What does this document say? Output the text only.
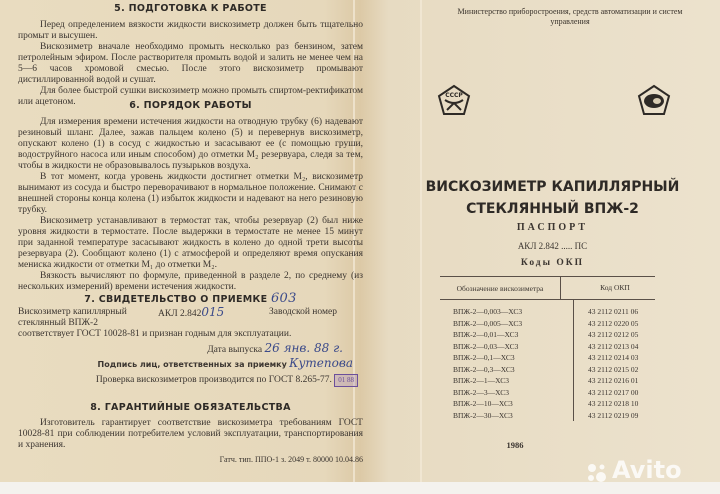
5. ПОДГОТОВКА К РАБОТЕ

Перед определением вязкости жидкости вискозиметр должен быть тщательно промыт и высушен.

Вискозиметр вначале необходимо промыть несколько раз бензином, затем петролейным эфиром. После растворителя промыть водой и залить не менее чем на 5—6 часов хромовой смесью. После этого вискозиметр промывают дистиллированной водой и сушат.

Для более быстрой сушки вискозиметр можно промыть спиртом-ректификатом или ацетоном.	6. ПОРЯДОК РАБОТЫ

Для измерения времени истечения жидкости на отводную трубку (6) надевают резиновый шланг. Далее, зажав пальцем колено (5) и перевернув вискозиметр, опускают колено (1) в сосуд с жидкостью и засасывают ее (с помощью груши, водоструйного насоса или иным способом) до отметки M₂ резервуара, следя за тем, чтобы в жидкости не образовывалось пузырьков воздуха.

В тот момент, когда уровень жидкости достигнет отметки M₂, вискозиметр вынимают из сосуда и быстро переворачивают в нормальное положение. Снимают с внешней стороны конца колена (1) избыток жидкости и надевают на него резиновую трубку.

Вискозиметр устанавливают в термостат так, чтобы резервуар (2) был ниже уровня жидкости в термостате. После выдержки в термостате не менее 15 минут при заданной температуре засасывают жидкость в колено до одной трети высоты резервуара (2). Сообщают колено (1) с атмосферой и определяют время опускания мениска жидкости от отметки M₁ до отметки M₂.

Вязкость вычисляют по формуле, приведенной в разделе 2, по среднему (из нескольких измерений) времени истечения жидкости.

7. СВИДЕТЕЛЬСТВО О ПРИЕМКЕ 603
Вискозиметр капиллярный стеклянный ВПЖ-2
АКЛ 2.842015	Заводской номер
соответствует ГОСТ 10028-81 и признан годным для эксплуатации.
Дата выпуска 26 янв. 88 г.
Подпись лиц, ответственных за приемку Кутепова
Проверка вискозиметров производится по ГОСТ 8.265-77. 01 88
8. ГАРАНТИЙНЫЕ ОБЯЗАТЕЛЬСТВА

Изготовитель гарантирует соответствие вискозиметра требованиям ГОСТ 10028-81 при соблюдении потребителем условий эксплуатации, транспортирования и хранения.

Гатч. тип. ППО-1 з. 2049 т. 80000 10.04.86
Министерство приборостроения, средств автоматизации и систем управления
СССР
ВИСКОЗИМЕТР КАПИЛЛЯРНЫЙ
СТЕКЛЯННЫЙ ВПЖ-2
ПАСПОРТ
АКЛ 2.842 ..... ПС
Коды ОКП
Обозначение вискозиметра	Код ОКП
ВПЖ-2—0,003—ХС3	43 2112 0211 06
ВПЖ-2—0,005—ХС3	43 2112 0220 05
ВПЖ-2—0,01—ХС3	43 2112 0212 05
ВПЖ-2—0,03—ХС3	43 2112 0213 04
ВПЖ-2—0,1—ХС3	43 2112 0214 03
ВПЖ-2—0,3—ХС3	43 2112 0215 02
ВПЖ-2—1—ХС3	43 2112 0216 01
ВПЖ-2—3—ХС3	43 2112 0217 00
ВПЖ-2—10—ХС3	43 2112 0218 10
ВПЖ-2—30—ХС3	43 2112 0219 09
1986
Avito
